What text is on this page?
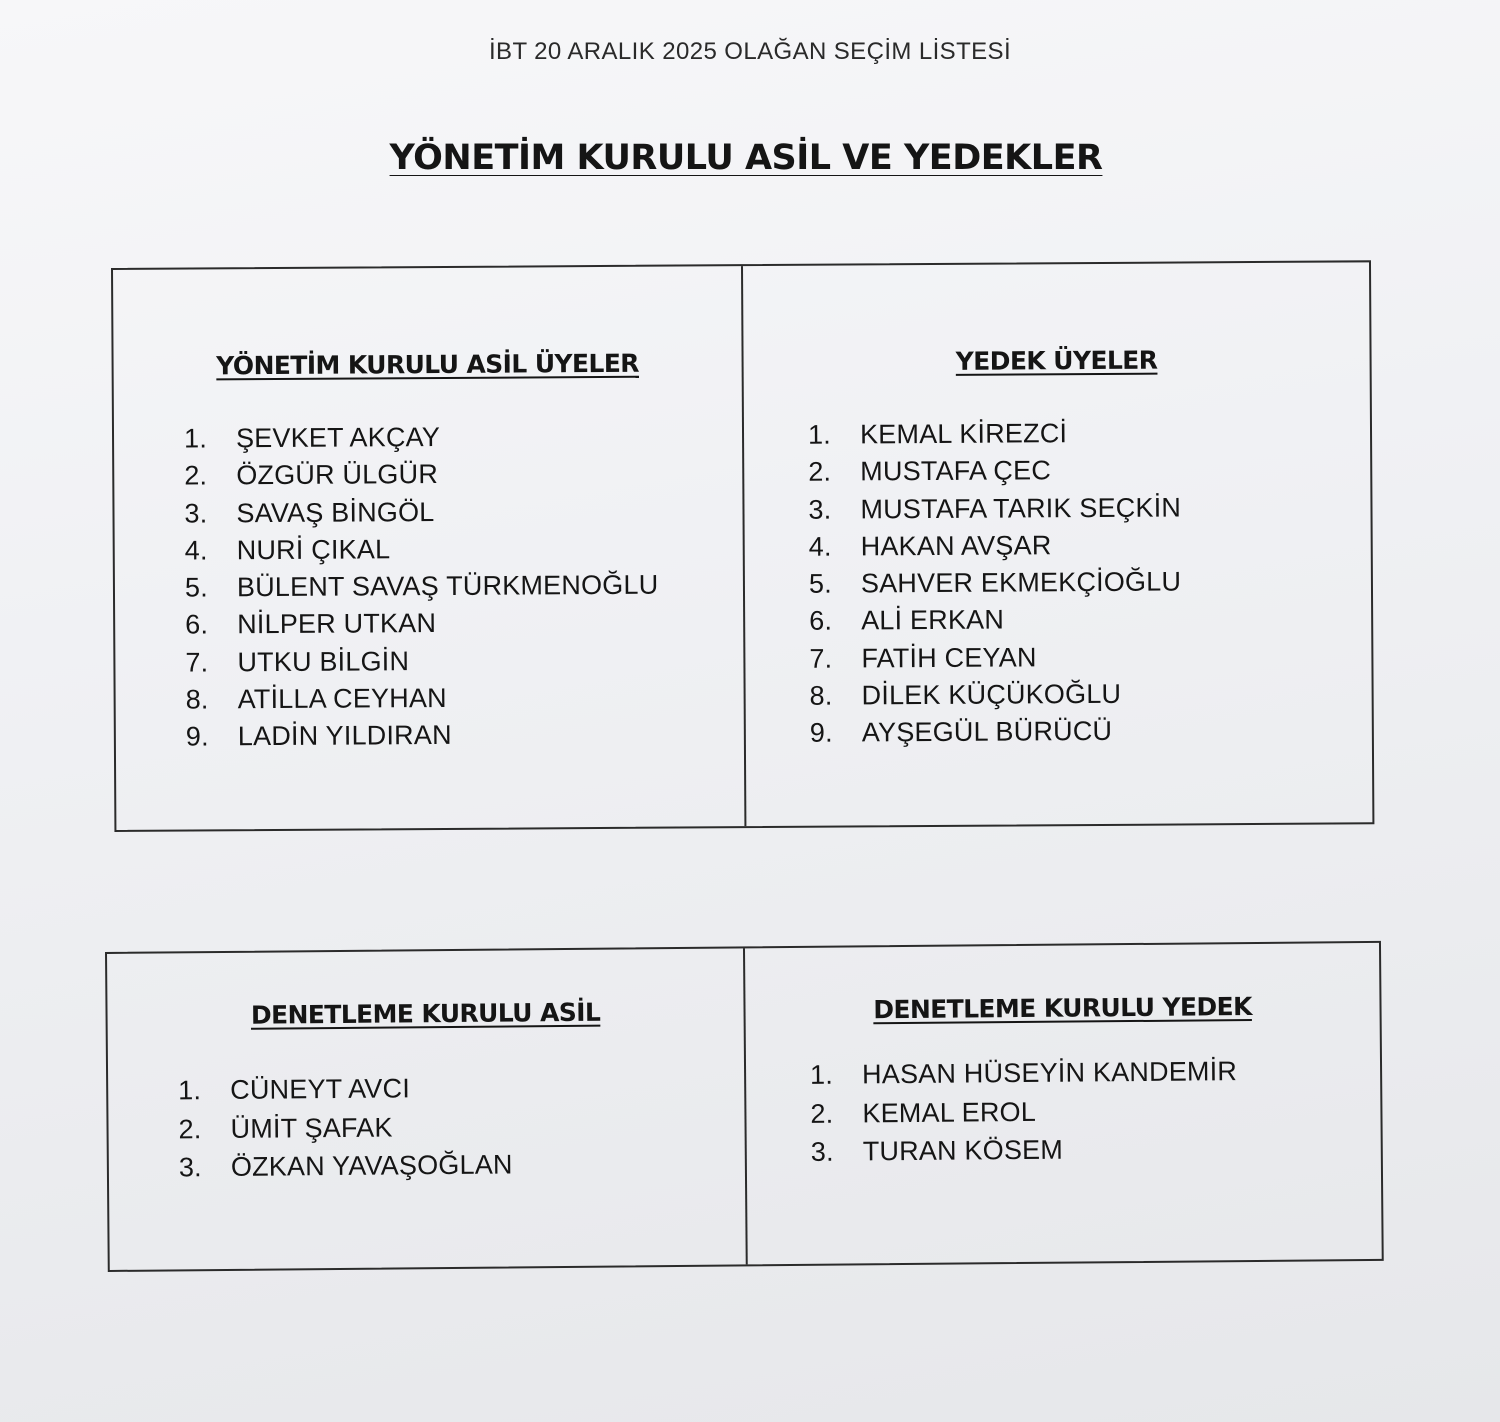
İBT 20 ARALIK 2025 OLAĞAN SEÇİM LİSTESİ
YÖNETİM KURULU ASİL VE YEDEKLER
YÖNETİM KURULU ASİL ÜYELER
1.	ŞEVKET AKÇAY
2.	ÖZGÜR ÜLGÜR
3.	SAVAŞ BİNGÖL
4.	NURİ ÇIKAL
5.	BÜLENT SAVAŞ TÜRKMENOĞLU
6.	NİLPER UTKAN
7.	UTKU BİLGİN
8.	ATİLLA CEYHAN
9.	LADİN YILDIRAN
YEDEK ÜYELER
1.	KEMAL KİREZCİ
2.	MUSTAFA ÇEC
3.	MUSTAFA TARIK SEÇKİN
4.	HAKAN AVŞAR
5.	SAHVER EKMEKÇİOĞLU
6.	ALİ ERKAN
7.	FATİH CEYAN
8.	DİLEK KÜÇÜKOĞLU
9.	AYŞEGÜL BÜRÜCÜ
DENETLEME KURULU ASİL
1.	CÜNEYT AVCI
2.	ÜMİT ŞAFAK
3.	ÖZKAN YAVAŞOĞLAN
DENETLEME KURULU YEDEK
1.	HASAN HÜSEYİN KANDEMİR
2.	KEMAL EROL
3.	TURAN KÖSEM
